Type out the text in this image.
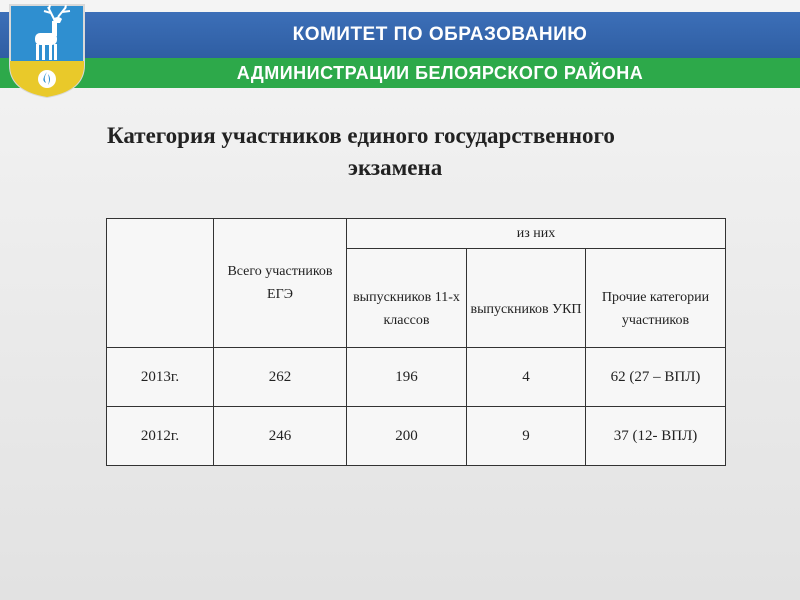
КОМИТЕТ ПО ОБРАЗОВАНИЮ
АДМИНИСТРАЦИИ БЕЛОЯРСКОГО РАЙОНА
Категория участников единого государственного
экзамена
	Всего участников ЕГЭ	из них		

		выпускников 11-х классов	выпускников УКП	Прочие категории участников

2013г.	262	196	4	62 (27 – ВПЛ)
2012г.	246	200	9	37 (12- ВПЛ)
